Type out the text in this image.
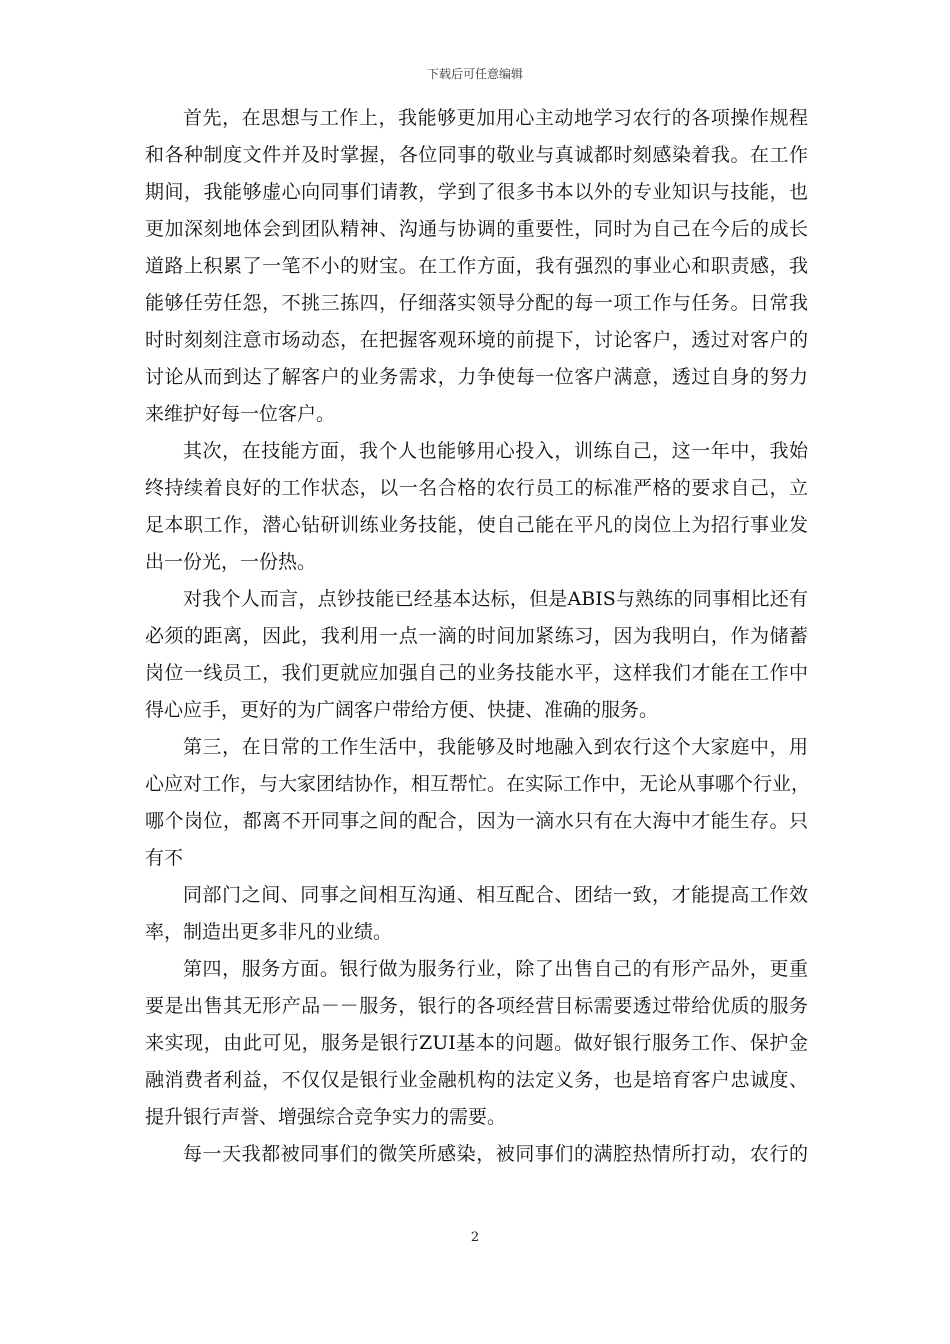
下载后可任意编辑
首先，在思想与工作上，我能够更加用心主动地学习农行的各项操作规程
和各种制度文件并及时掌握，各位同事的敬业与真诚都时刻感染着我。在工作
期间，我能够虚心向同事们请教，学到了很多书本以外的专业知识与技能，也
更加深刻地体会到团队精神、沟通与协调的重要性，同时为自己在今后的成长
道路上积累了一笔不小的财宝。在工作方面，我有强烈的事业心和职责感，我
能够任劳任怨，不挑三拣四，仔细落实领导分配的每一项工作与任务。日常我
时时刻刻注意市场动态，在把握客观环境的前提下，讨论客户，透过对客户的
讨论从而到达了解客户的业务需求，力争使每一位客户满意，透过自身的努力
来维护好每一位客户。
其次，在技能方面，我个人也能够用心投入，训练自己，这一年中，我始
终持续着良好的工作状态，以一名合格的农行员工的标准严格的要求自己，立
足本职工作，潜心钻研训练业务技能，使自己能在平凡的岗位上为招行事业发
出一份光，一份热。
对我个人而言，点钞技能已经基本达标，但是ABIS与熟练的同事相比还有
必须的距离，因此，我利用一点一滴的时间加紧练习，因为我明白，作为储蓄
岗位一线员工，我们更就应加强自己的业务技能水平，这样我们才能在工作中
得心应手，更好的为广阔客户带给方便、快捷、准确的服务。
第三，在日常的工作生活中，我能够及时地融入到农行这个大家庭中，用
心应对工作，与大家团结协作，相互帮忙。在实际工作中，无论从事哪个行业，
哪个岗位，都离不开同事之间的配合，因为一滴水只有在大海中才能生存。只
有不
同部门之间、同事之间相互沟通、相互配合、团结一致，才能提高工作效
率，制造出更多非凡的业绩。
第四，服务方面。银行做为服务行业，除了出售自己的有形产品外，更重
要是出售其无形产品－－服务，银行的各项经营目标需要透过带给优质的服务
来实现，由此可见，服务是银行ZUI基本的问题。做好银行服务工作、保护金
融消费者利益，不仅仅是银行业金融机构的法定义务，也是培育客户忠诚度、
提升银行声誉、增强综合竞争实力的需要。
每一天我都被同事们的微笑所感染，被同事们的满腔热情所打动，农行的
2
